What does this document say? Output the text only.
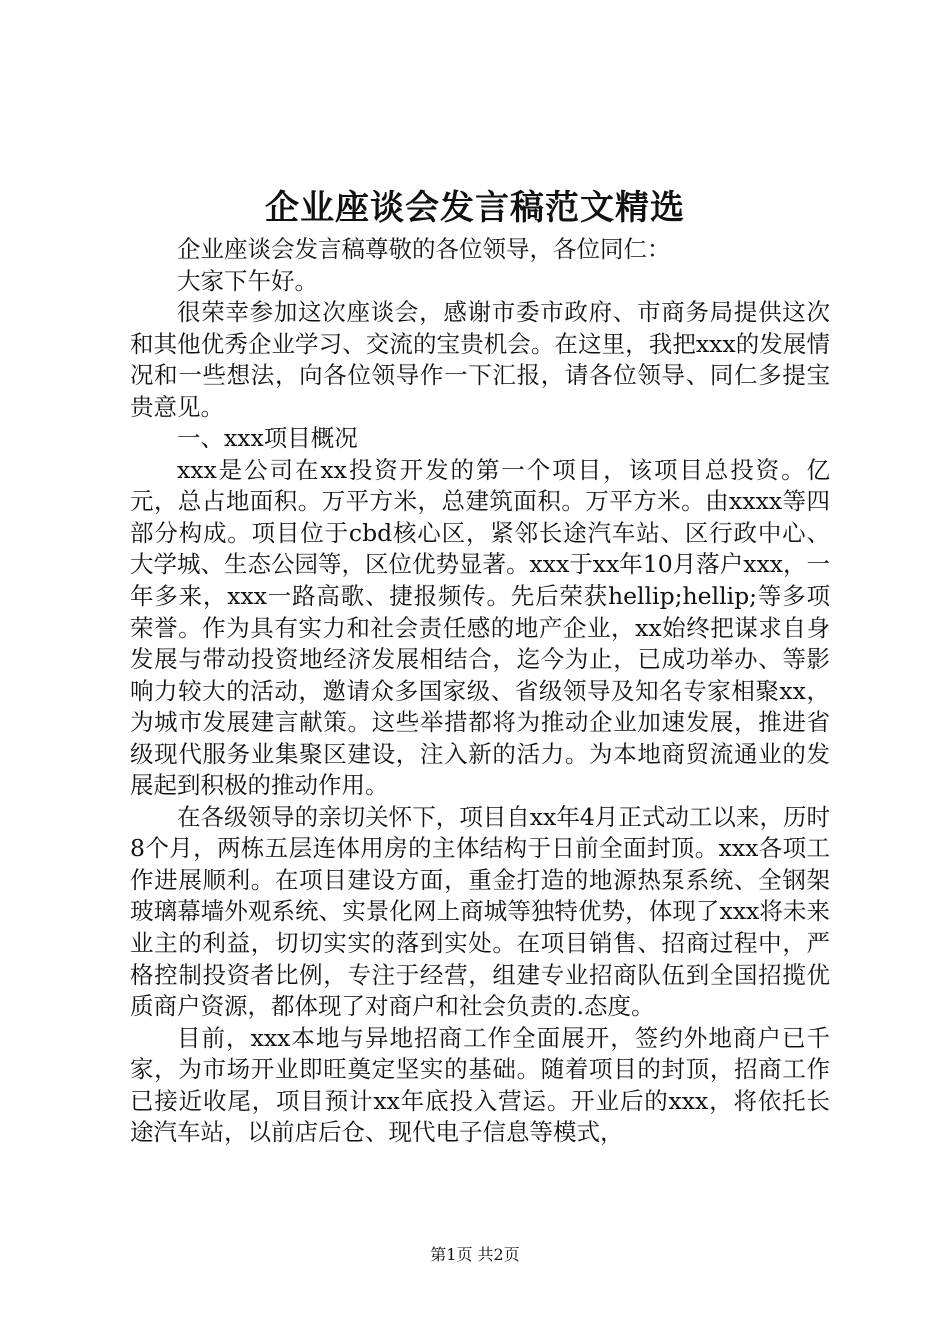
企业座谈会发言稿范文精选

企业座谈会发言稿尊敬的各位领导，各位同仁：

大家下午好。

很荣幸参加这次座谈会，感谢市委市政府、市商务局提供这次和其他优秀企业学习、交流的宝贵机会。在这里，我把xxx的发展情况和一些想法，向各位领导作一下汇报，请各位领导、同仁多提宝贵意见。

一、xxx项目概况

xxx是公司在xx投资开发的第一个项目，该项目总投资。亿元，总占地面积。万平方米，总建筑面积。万平方米。由xxxx等四部分构成。项目位于cbd核心区，紧邻长途汽车站、区行政中心、大学城、生态公园等，区位优势显著。xxx于xx年10月落户xxx，一年多来，xxx一路高歌、捷报频传。先后荣获hellip;hellip;等多项荣誉。作为具有实力和社会责任感的地产企业，xx始终把谋求自身发展与带动投资地经济发展相结合，迄今为止，已成功举办、等影响力较大的活动，邀请众多国家级、省级领导及知名专家相聚xx，为城市发展建言献策。这些举措都将为推动企业加速发展，推进省级现代服务业集聚区建设，注入新的活力。为本地商贸流通业的发展起到积极的推动作用。

在各级领导的亲切关怀下，项目自xx年4月正式动工以来，历时8个月，两栋五层连体用房的主体结构于日前全面封顶。xxx各项工作进展顺利。在项目建设方面，重金打造的地源热泵系统、全钢架玻璃幕墙外观系统、实景化网上商城等独特优势，体现了xxx将未来业主的利益，切切实实的落到实处。在项目销售、招商过程中，严格控制投资者比例，专注于经营，组建专业招商队伍到全国招揽优质商户资源，都体现了对商户和社会负责的.态度。

目前，xxx本地与异地招商工作全面展开，签约外地商户已千家，为市场开业即旺奠定坚实的基础。随着项目的封顶，招商工作已接近收尾，项目预计xx年底投入营运。开业后的xxx，将依托长途汽车站，以前店后仓、现代电子信息等模式，

第1页 共2页
